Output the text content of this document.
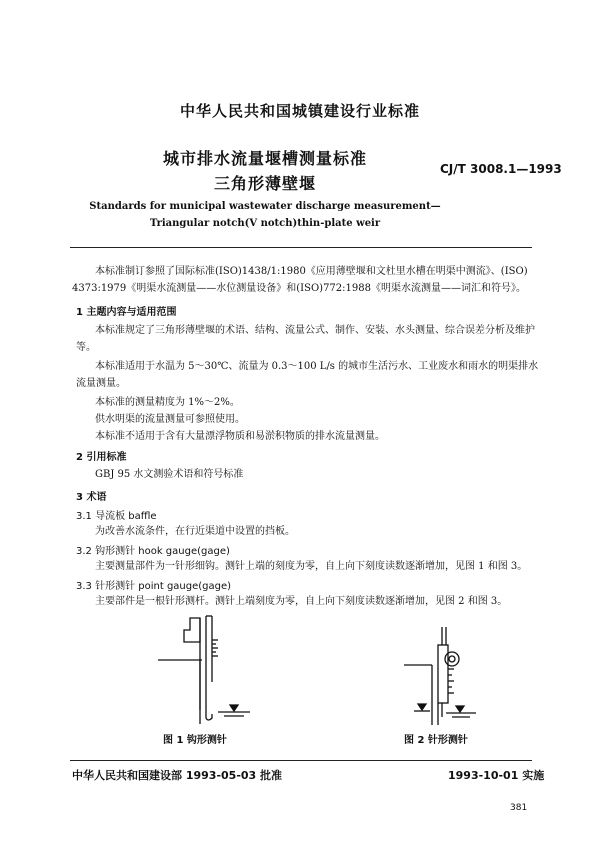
中华人民共和国城镇建设行业标准
城市排水流量堰槽测量标准
三角形薄壁堰
CJ/T 3008.1—1993
Standards for municipal wastewater discharge measurement—
Triangular notch(V notch)thin-plate weir
本标准制订参照了国际标准(ISO)1438/1:1980《应用薄壁堰和文杜里水槽在明渠中测流》、(ISO)
4373:1979《明渠水流测量——水位测量设备》和(ISO)772:1988《明渠水流测量——词汇和符号》。
1 主题内容与适用范围
本标准规定了三角形薄壁堰的术语、结构、流量公式、制作、安装、水头测量、综合误差分析及维护
等。
本标准适用于水温为 5～30℃、流量为 0.3～100 L/s 的城市生活污水、工业废水和雨水的明渠排水
流量测量。
本标准的测量精度为 1%～2%。
供水明渠的流量测量可参照使用。
本标准不适用于含有大量漂浮物质和易淤积物质的排水流量测量。
2 引用标准
GBJ 95 水文测验术语和符号标准
3 术语
3.1 导流板 baffle
为改善水流条件，在行近渠道中设置的挡板。
3.2 钩形测针 hook gauge(gage)
主要测量部件为一针形细钩。测针上端的刻度为零，自上向下刻度读数逐渐增加，见图 1 和图 3。
3.3 针形测针 point gauge(gage)
主要部件是一根针形测杆。测针上端刻度为零，自上向下刻度读数逐渐增加，见图 2 和图 3。
图 1 钩形测针	图 2 针形测针
中华人民共和国建设部 1993-05-03 批准	1993-10-01 实施
381
